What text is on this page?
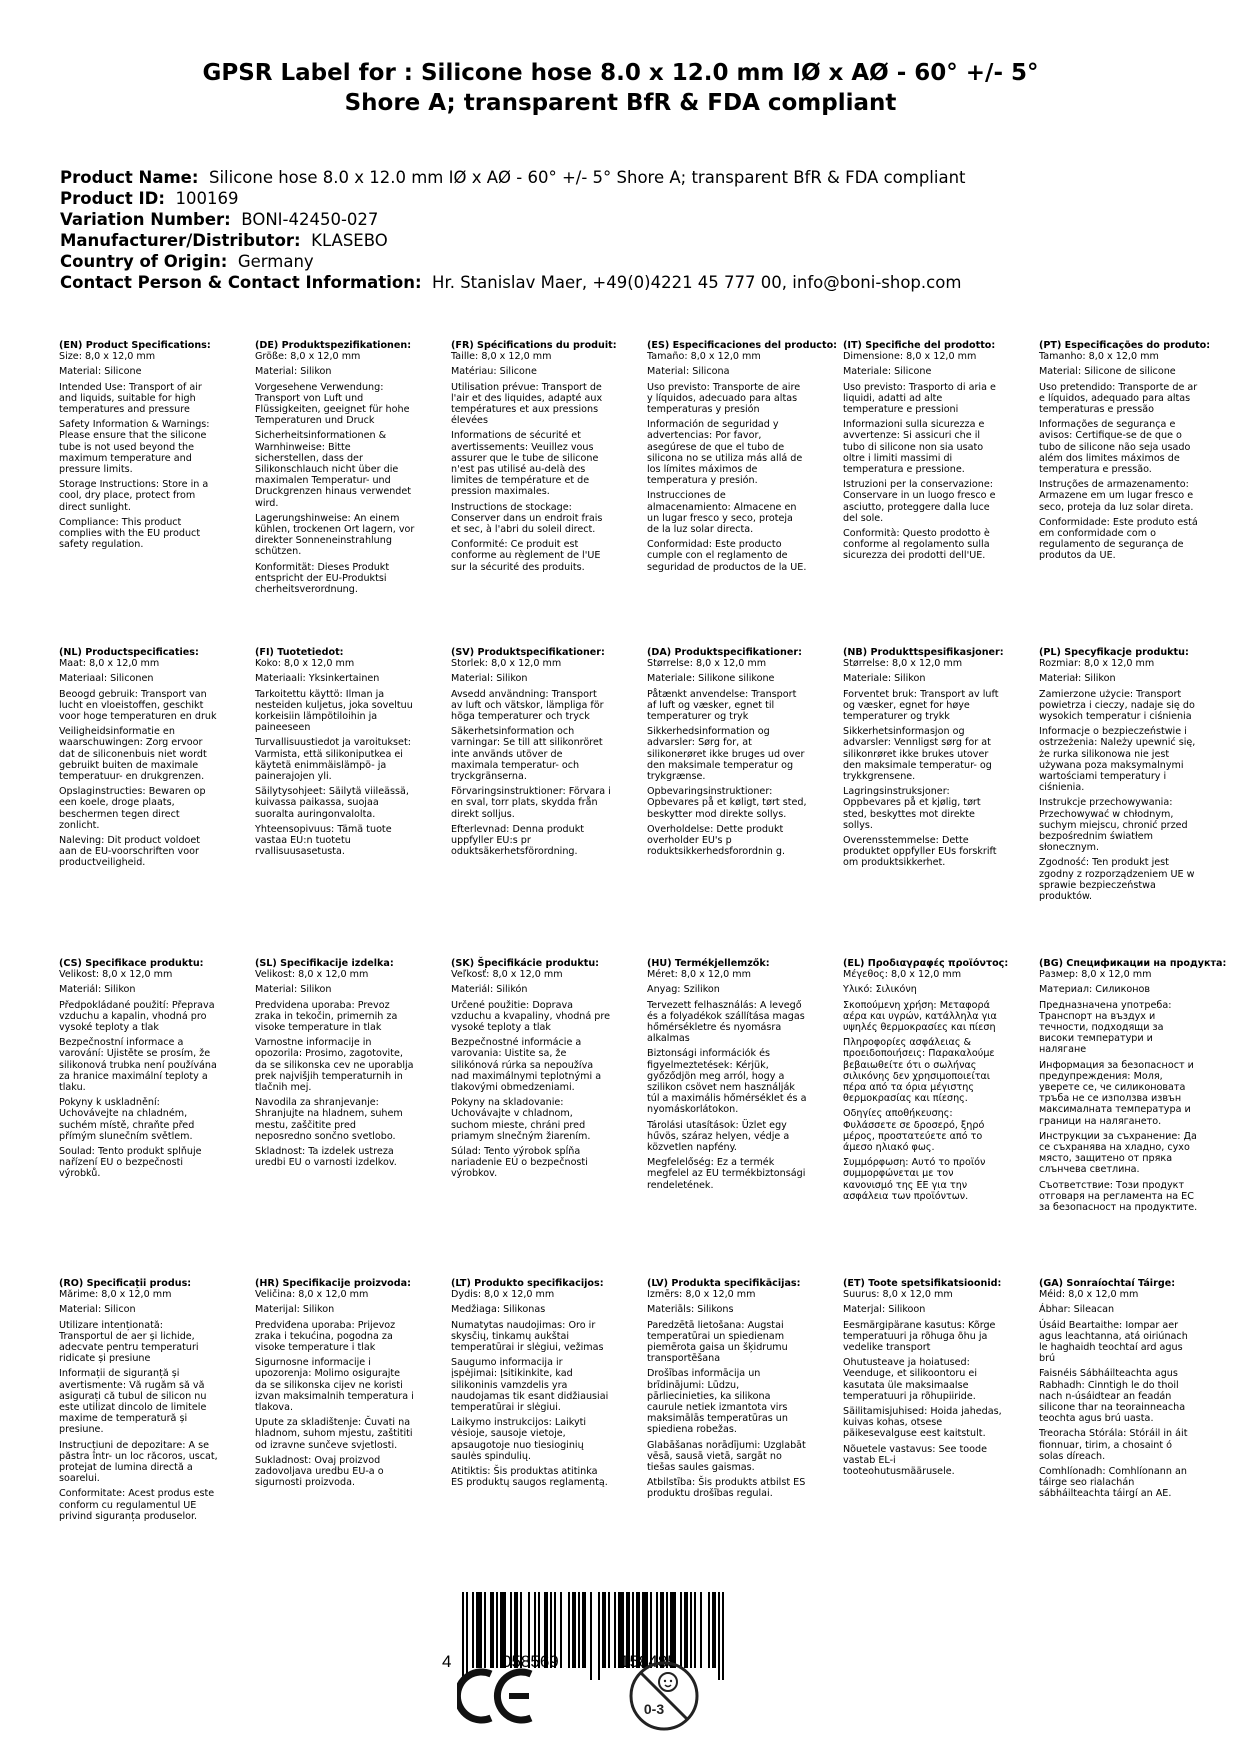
GPSR Label for : Silicone hose 8.0 x 12.0 mm IØ x AØ - 60° +/- 5°
Shore A; transparent BfR & FDA compliant
Product Name: Silicone hose 8.0 x 12.0 mm IØ x AØ - 60° +/- 5° Shore A; transparent BfR & FDA compliant
Product ID: 100169
Variation Number: BONI-42450-027
Manufacturer/Distributor: KLASEBO
Country of Origin: Germany
Contact Person & Contact Information: Hr. Stanislav Maer, +49(0)4221 45 777 00, info@boni-shop.com
(EN) Product Specifications:
Size: 8,0 x 12,0 mm
Material: Silicone
Intended Use: Transport of air and liquids, suitable for high temperatures and pressure
Safety Information & Warnings: Please ensure that the silicone tube is not used beyond the maximum temperature and pressure limits.
Storage Instructions: Store in a cool, dry place, protect from direct sunlight.
Compliance: This product complies with the EU product safety regulation.
(DE) Produktspezifikationen:
Größe: 8,0 x 12,0 mm
Material: Silikon
Vorgesehene Verwendung: Transport von Luft und Flüssigkeiten, geeignet für hohe Temperaturen und Druck
Sicherheitsinformationen & Warnhinweise: Bitte sicherstellen, dass der Silikonschlauch nicht über die maximalen Temperatur- und Druckgrenzen hinaus verwendet wird.
Lagerungshinweise: An einem kühlen, trockenen Ort lagern, vor direkter Sonneneinstrahlung schützen.
Konformität: Dieses Produkt entspricht der EU-Produktsi cherheitsverordnung.
(FR) Spécifications du produit:
Taille: 8,0 x 12,0 mm
Matériau: Silicone
Utilisation prévue: Transport de l'air et des liquides, adapté aux températures et aux pressions élevées
Informations de sécurité et avertissements: Veuillez vous assurer que le tube de silicone n'est pas utilisé au-delà des limites de température et de pression maximales.
Instructions de stockage: Conserver dans un endroit frais et sec, à l'abri du soleil direct.
Conformité: Ce produit est conforme au règlement de l'UE sur la sécurité des produits.
(ES) Especificaciones del producto:
Tamaño: 8,0 x 12,0 mm
Material: Silicona
Uso previsto: Transporte de aire y líquidos, adecuado para altas temperaturas y presión
Información de seguridad y advertencias: Por favor, asegúrese de que el tubo de silicona no se utiliza más allá de los límites máximos de temperatura y presión.
Instrucciones de almacenamiento: Almacene en un lugar fresco y seco, proteja de la luz solar directa.
Conformidad: Este producto cumple con el reglamento de seguridad de productos de la UE.
(IT) Specifiche del prodotto:
Dimensione: 8,0 x 12,0 mm
Materiale: Silicone
Uso previsto: Trasporto di aria e liquidi, adatti ad alte temperature e pressioni
Informazioni sulla sicurezza e avvertenze: Si assicuri che il tubo di silicone non sia usato oltre i limiti massimi di temperatura e pressione.
Istruzioni per la conservazione: Conservare in un luogo fresco e asciutto, proteggere dalla luce del sole.
Conformità: Questo prodotto è conforme al regolamento sulla sicurezza dei prodotti dell'UE.
(PT) Especificações do produto:
Tamanho: 8,0 x 12,0 mm
Material: Silicone de silicone
Uso pretendido: Transporte de ar e líquidos, adequado para altas temperaturas e pressão
Informações de segurança e avisos: Certifique-se de que o tubo de silicone não seja usado além dos limites máximos de temperatura e pressão.
Instruções de armazenamento: Armazene em um lugar fresco e seco, proteja da luz solar direta.
Conformidade: Este produto está em conformidade com o regulamento de segurança de produtos da UE.
(NL) Productspecificaties:
Maat: 8,0 x 12,0 mm
Materiaal: Siliconen
Beoogd gebruik: Transport van lucht en vloeistoffen, geschikt voor hoge temperaturen en druk
Veiligheidsinformatie en waarschuwingen: Zorg ervoor dat de siliconenbuis niet wordt gebruikt buiten de maximale temperatuur- en drukgrenzen.
Opslaginstructies: Bewaren op een koele, droge plaats, beschermen tegen direct zonlicht.
Naleving: Dit product voldoet aan de EU-voorschriften voor productveiligheid.
(FI) Tuotetiedot:
Koko: 8,0 x 12,0 mm
Materiaali: Yksinkertainen
Tarkoitettu käyttö: Ilman ja nesteiden kuljetus, joka soveltuu korkeisiin lämpötiloihin ja paineeseen
Turvallisuustiedot ja varoitukset: Varmista, että silikoniputkea ei käytetä enimmäislämpö- ja painerajojen yli.
Säilytysohjeet: Säilytä viileässä, kuivassa paikassa, suojaa suoralta auringonvalolta.
Yhteensopivuus: Tämä tuote vastaa EU:n tuotetu rvallisuusasetusta.
(SV) Produktspecifikationer:
Storlek: 8,0 x 12,0 mm
Material: Silikon
Avsedd användning: Transport av luft och vätskor, lämpliga för höga temperaturer och tryck
Säkerhetsinformation och varningar: Se till att silikonröret inte används utöver de maximala temperatur- och tryckgränserna.
Förvaringsinstruktioner: Förvara i en sval, torr plats, skydda från direkt solljus.
Efterlevnad: Denna produkt uppfyller EU:s pr oduktsäkerhetsförordning.
(DA) Produktspecifikationer:
Størrelse: 8,0 x 12,0 mm
Materiale: Silikone silikone
Påtænkt anvendelse: Transport af luft og væsker, egnet til temperaturer og tryk
Sikkerhedsinformation og advarsler: Sørg for, at silikonerøret ikke bruges ud over den maksimale temperatur og trykgrænse.
Opbevaringsinstruktioner: Opbevares på et køligt, tørt sted, beskytter mod direkte sollys.
Overholdelse: Dette produkt overholder EU's p roduktsikkerhedsforordnin g.
(NB) Produkttspesifikasjoner:
Størrelse: 8,0 x 12,0 mm
Materiale: Silikon
Forventet bruk: Transport av luft og væsker, egnet for høye temperaturer og trykk
Sikkerhetsinformasjon og advarsler: Vennligst sørg for at silikonrøret ikke brukes utover den maksimale temperatur- og trykkgrensene.
Lagringsinstruksjoner: Oppbevares på et kjølig, tørt sted, beskyttes mot direkte sollys.
Overensstemmelse: Dette produktet oppfyller EUs forskrift om produktsikkerhet.
(PL) Specyfikacje produktu:
Rozmiar: 8,0 x 12,0 mm
Materiał: Silikon
Zamierzone użycie: Transport powietrza i cieczy, nadaje się do wysokich temperatur i ciśnienia
Informacje o bezpieczeństwie i ostrzeżenia: Należy upewnić się, że rurka silikonowa nie jest używana poza maksymalnymi wartościami temperatury i ciśnienia.
Instrukcje przechowywania: Przechowywać w chłodnym, suchym miejscu, chronić przed bezpośrednim światłem słonecznym.
Zgodność: Ten produkt jest zgodny z rozporządzeniem UE w sprawie bezpieczeństwa produktów.
(CS) Specifikace produktu:
Velikost: 8,0 x 12,0 mm
Materiál: Silikon
Předpokládané použití: Přeprava vzduchu a kapalin, vhodná pro vysoké teploty a tlak
Bezpečnostní informace a varování: Ujistěte se prosím, že silikonová trubka není používána za hranice maximální teploty a tlaku.
Pokyny k uskladnění: Uchovávejte na chladném, suchém místě, chraňte před přímým slunečním světlem.
Soulad: Tento produkt splňuje nařízení EU o bezpečnosti výrobků.
(SL) Specifikacije izdelka:
Velikost: 8,0 x 12,0 mm
Material: Silikon
Predvidena uporaba: Prevoz zraka in tekočin, primernih za visoke temperature in tlak
Varnostne informacije in opozorila: Prosimo, zagotovite, da se silikonska cev ne uporablja prek najvišjih temperaturnih in tlačnih mej.
Navodila za shranjevanje: Shranjujte na hladnem, suhem mestu, zaščitite pred neposredno sončno svetlobo.
Skladnost: Ta izdelek ustreza uredbi EU o varnosti izdelkov.
(SK) Špecifikácie produktu:
Veľkosť: 8,0 x 12,0 mm
Materiál: Silikón
Určené použitie: Doprava vzduchu a kvapaliny, vhodná pre vysoké teploty a tlak
Bezpečnostné informácie a varovania: Uistite sa, že silikónová rúrka sa nepoužíva nad maximálnymi teplotnými a tlakovými obmedzeniami.
Pokyny na skladovanie: Uchovávajte v chladnom, suchom mieste, chráni pred priamym slnečným žiarením.
Súlad: Tento výrobok spĺňa nariadenie EÚ o bezpečnosti výrobkov.
(HU) Termékjellemzők:
Méret: 8,0 x 12,0 mm
Anyag: Szilikon
Tervezett felhasználás: A levegő és a folyadékok szállítása magas hőmérsékletre és nyomásra alkalmas
Biztonsági információk és figyelmeztetések: Kérjük, győződjön meg arról, hogy a szilikon csövet nem használják túl a maximális hőmérséklet és a nyomáskorlátokon.
Tárolási utasítások: Üzlet egy hűvös, száraz helyen, védje a közvetlen napfény.
Megfelelőség: Ez a termék megfelel az EU termékbiztonsági rendeletének.
(EL) Προδιαγραφές προϊόντος:
Μέγεθος: 8,0 x 12,0 mm
Υλικό: Σιλικόνη
Σκοπούμενη χρήση: Μεταφορά αέρα και υγρών, κατάλληλα για υψηλές θερμοκρασίες και πίεση
Πληροφορίες ασφάλειας & προειδοποιήσεις: Παρακαλούμε βεβαιωθείτε ότι ο σωλήνας σιλικόνης δεν χρησιμοποιείται πέρα από τα όρια μέγιστης θερμοκρασίας και πίεσης.
Οδηγίες αποθήκευσης: Φυλάσσετε σε δροσερό, ξηρό μέρος, προστατεύετε από το άμεσο ηλιακό φως.
Συμμόρφωση: Αυτό το προϊόν συμμορφώνεται με τον κανονισμό της ΕΕ για την ασφάλεια των προϊόντων.
(BG) Спецификации на продукта:
Размер: 8,0 x 12,0 mm
Материал: Силиконов
Предназначена употреба: Транспорт на въздух и течности, подходящи за високи температури и налягане
Информация за безопасност и предупреждения: Моля, уверете се, че силиконовата тръба не се използва извън максималната температура и граници на налягането.
Инструкции за съхранение: Да се съхранява на хладно, сухо място, защитено от пряка слънчева светлина.
Съответствие: Този продукт отговаря на регламента на ЕС за безопасност на продуктите.
(RO) Specificații produs:
Mărime: 8,0 x 12,0 mm
Material: Silicon
Utilizare intenționată: Transportul de aer și lichide, adecvate pentru temperaturi ridicate și presiune
Informații de siguranță și avertismente: Vă rugăm să vă asigurați că tubul de silicon nu este utilizat dincolo de limitele maxime de temperatură și presiune.
Instrucțiuni de depozitare: A se păstra într- un loc răcoros, uscat, protejat de lumina directă a soarelui.
Conformitate: Acest produs este conform cu regulamentul UE privind siguranța produselor.
(HR) Specifikacije proizvoda:
Veličina: 8,0 x 12,0 mm
Materijal: Silikon
Predviđena uporaba: Prijevoz zraka i tekućina, pogodna za visoke temperature i tlak
Sigurnosne informacije i upozorenja: Molimo osigurajte da se silikonska cijev ne koristi izvan maksimalnih temperatura i tlakova.
Upute za skladištenje: Čuvati na hladnom, suhom mjestu, zaštititi od izravne sunčeve svjetlosti.
Sukladnost: Ovaj proizvod zadovoljava uredbu EU-a o sigurnosti proizvoda.
(LT) Produkto specifikacijos:
Dydis: 8,0 x 12,0 mm
Medžiaga: Silikonas
Numatytas naudojimas: Oro ir skysčių, tinkamų aukštai temperatūrai ir slėgiui, vežimas
Saugumo informacija ir įspėjimai: Įsitikinkite, kad silikoninis vamzdelis yra naudojamas tik esant didžiausiai temperatūrai ir slėgiui.
Laikymo instrukcijos: Laikyti vėsioje, sausoje vietoje, apsaugotoje nuo tiesioginių saulės spindulių.
Atitiktis: Šis produktas atitinka ES produktų saugos reglamentą.
(LV) Produkta specifikācijas:
Izmērs: 8,0 x 12,0 mm
Materiāls: Silikons
Paredzētā lietošana: Augstai temperatūrai un spiedienam piemērota gaisa un šķidrumu transportēšana
Drošības informācija un brīdinājumi: Lūdzu, pārliecinieties, ka silikona caurule netiek izmantota virs maksimālās temperatūras un spiediena robežas.
Glabāšanas norādījumi: Uzglabāt vēsā, sausā vietā, sargāt no tiešas saules gaismas.
Atbilstība: Šis produkts atbilst ES produktu drošības regulai.
(ET) Toote spetsifikatsioonid:
Suurus: 8,0 x 12,0 mm
Materjal: Silikoon
Eesmärgipärane kasutus: Kõrge temperatuuri ja rõhuga õhu ja vedelike transport
Ohutusteave ja hoiatused: Veenduge, et silikoontoru ei kasutata üle maksimaalse temperatuuri ja rõhupiiride.
Säilitamisjuhised: Hoida jahedas, kuivas kohas, otsese päikesevalguse eest kaitstult.
Nõuetele vastavus: See toode vastab EL-i tooteohutusmäärusele.
(GA) Sonraíochtaí Táirge:
Méid: 8,0 x 12,0 mm
Ábhar: Sileacan
Úsáid Beartaithe: Iompar aer agus leachtanna, atá oiriúnach le haghaidh teochtaí ard agus brú
Faisnéis Sábháilteachta agus Rabhadh: Cinntigh le do thoil nach n-úsáidtear an feadán silicone thar na teorainneacha teochta agus brú uasta.
Treoracha Stórála: Stóráil in áit fionnuar, tirim, a chosaint ó solas díreach.
Comhlíonadh: Comhlíonann an táirge seo rialachán sábháilteachta táirgí an AE.
4	058569	158485
0-3
